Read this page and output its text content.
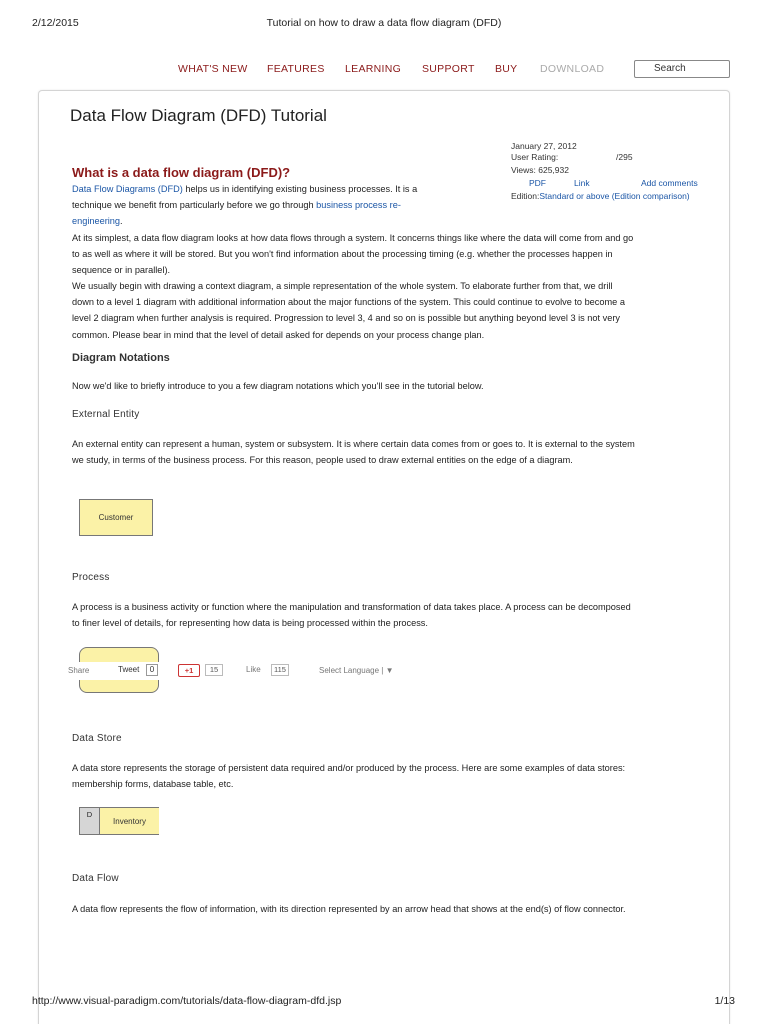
2/12/2015	Tutorial on how to draw a data flow diagram (DFD)
WHAT'S NEW FEATURES LEARNING SUPPORT BUY DOWNLOAD	Search
Data Flow Diagram (DFD) Tutorial
January 27, 2012
User Rating:	/295
Views: 625,932
PDF	Link	Add comments
Edition:Standard or above (Edition comparison)
What is a data flow diagram (DFD)?
Data Flow Diagrams (DFD) helps us in identifying existing business processes. It is a
technique we benefit from particularly before we go through business process re-
engineering.
At its simplest, a data flow diagram looks at how data flows through a system. It concerns things like where the data will come from and go
to as well as where it will be stored. But you won't find information about the processing timing (e.g. whether the processes happen in
sequence or in parallel).
We usually begin with drawing a context diagram, a simple representation of the whole system. To elaborate further from that, we drill
down to a level 1 diagram with additional information about the major functions of the system. This could continue to evolve to become a
level 2 diagram when further analysis is required. Progression to level 3, 4 and so on is possible but anything beyond level 3 is not very
common. Please bear in mind that the level of detail asked for depends on your process change plan.
Diagram Notations
Now we'd like to briefly introduce to you a few diagram notations which you'll see in the tutorial below.
External Entity
An external entity can represent a human, system or subsystem. It is where certain data comes from or goes to. It is external to the system
we study, in terms of the business process. For this reason, people used to draw external entities on the edge of a diagram.
Customer
Process
A process is a business activity or function where the manipulation and transformation of data takes place. A process can be decomposed
to finer level of details, for representing how data is being processed within the process.
Share	Tweet	0	+1	15	Like	115	Select Language | ▼
Data Store
A data store represents the storage of persistent data required and/or produced by the process. Here are some examples of data stores:
membership forms, database table, etc.
D
Inventory
Data Flow
A data flow represents the flow of information, with its direction represented by an arrow head that shows at the end(s) of flow connector.
http://www.visual-paradigm.com/tutorials/data-flow-diagram-dfd.jsp	1/13
